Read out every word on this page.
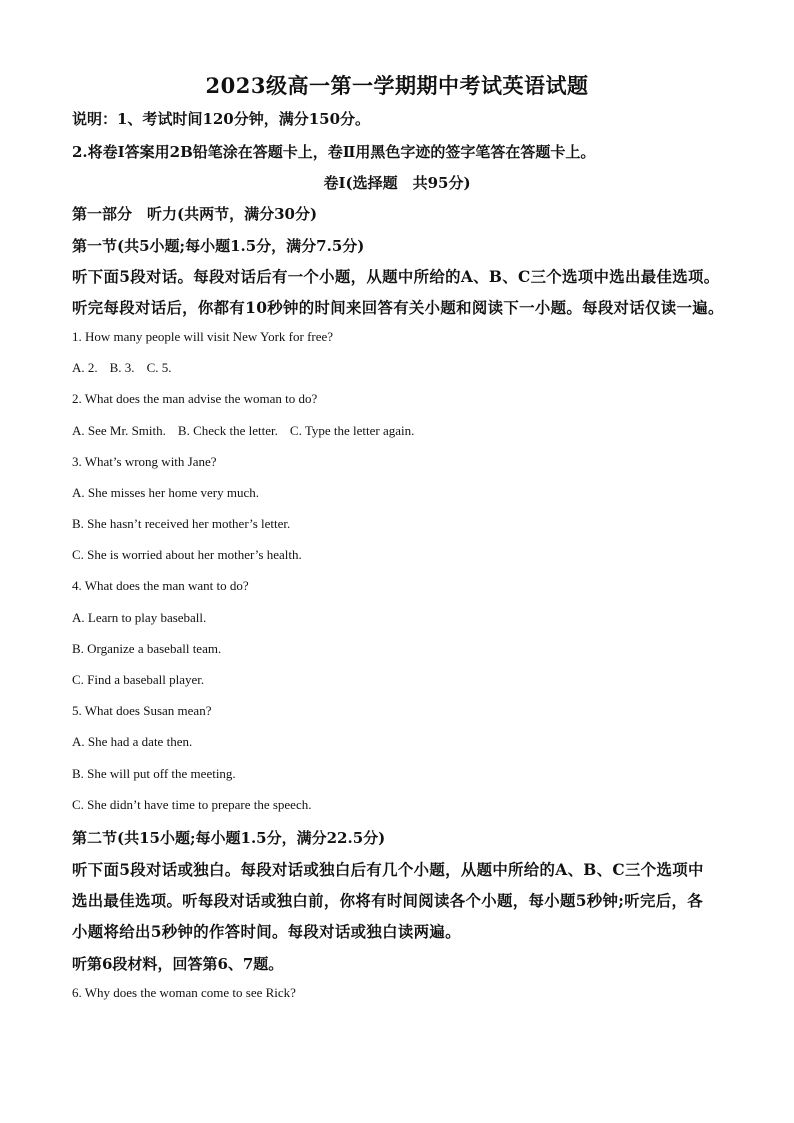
2023级高一第一学期期中考试英语试题
说明：1、考试时间120分钟，满分150分。
2.将卷Ⅰ答案用2B铅笔涂在答题卡上，卷Ⅱ用黑色字迹的签字笔答在答题卡上。
卷Ⅰ(选择题　共95分)
第一部分　听力(共两节，满分30分)
第一节(共5小题;每小题1.5分，满分7.5分)
听下面5段对话。每段对话后有一个小题，从题中所给的A、B、C三个选项中选出最佳选项。
听完每段对话后，你都有10秒钟的时间来回答有关小题和阅读下一小题。每段对话仅读一遍。
1. How many people will visit New York for free?
A. 2. B. 3. C. 5.
2. What does the man advise the woman to do?
A. See Mr. Smith. B. Check the letter. C. Type the letter again.
3. What’s wrong with Jane?
A. She misses her home very much.
B. She hasn’t received her mother’s letter.
C. She is worried about her mother’s health.
4. What does the man want to do?
A. Learn to play baseball.
B. Organize a baseball team.
C. Find a baseball player.
5. What does Susan mean?
A. She had a date then.
B. She will put off the meeting.
C. She didn’t have time to prepare the speech.
第二节(共15小题;每小题1.5分，满分22.5分)
听下面5段对话或独白。每段对话或独白后有几个小题，从题中所给的A、B、C三个选项中
选出最佳选项。听每段对话或独白前，你将有时间阅读各个小题，每小题5秒钟;听完后，各
小题将给出5秒钟的作答时间。每段对话或独白读两遍。
听第6段材料，回答第6、7题。
6. Why does the woman come to see Rick?
